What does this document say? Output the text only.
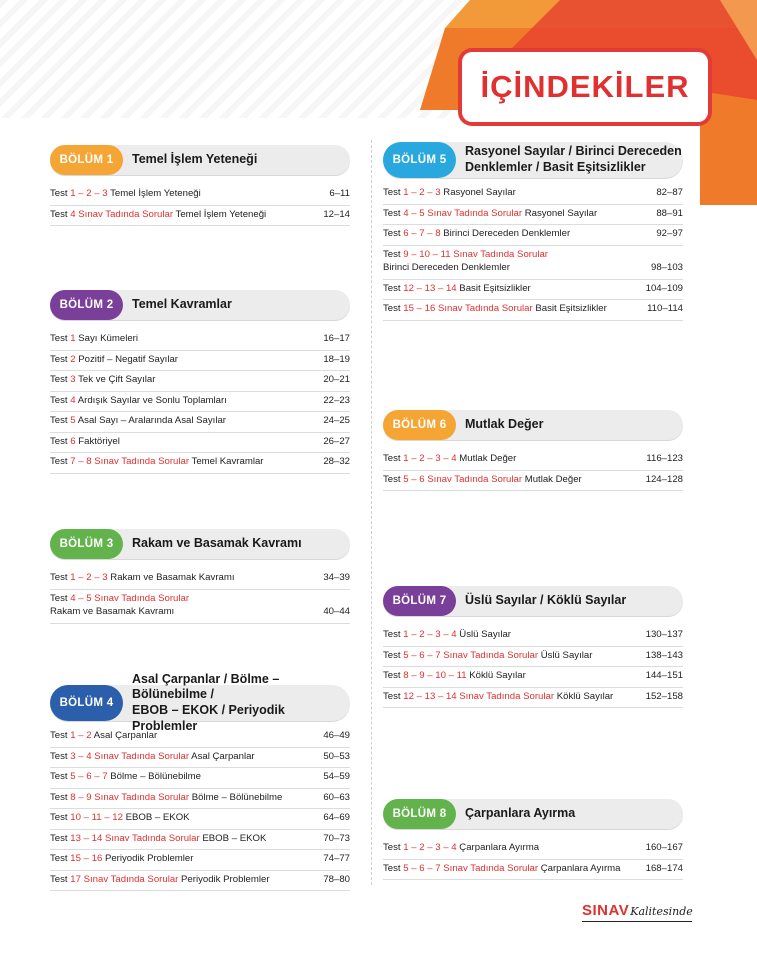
İÇİNDEKİLER
BÖLÜM 1	Temel İşlem Yeteneği
Test 1 – 2 – 3 Temel İşlem Yeteneği	6–11
Test 4 Sınav Tadında Sorular Temel İşlem Yeteneği	12–14
BÖLÜM 2	Temel Kavramlar
Test 1 Sayı Kümeleri	16–17
Test 2 Pozitif – Negatif Sayılar	18–19
Test 3 Tek ve Çift Sayılar	20–21
Test 4 Ardışık Sayılar ve Sonlu Toplamları	22–23
Test 5 Asal Sayı – Aralarında Asal Sayılar	24–25
Test 6 Faktöriyel	26–27
Test 7 – 8 Sınav Tadında Sorular Temel Kavramlar	28–32
BÖLÜM 3	Rakam ve Basamak Kavramı
Test 1 – 2 – 3 Rakam ve Basamak Kavramı	34–39
Test 4 – 5 Sınav Tadında Sorular
Rakam ve Basamak Kavramı	40–44
BÖLÜM 4
Asal Çarpanlar / Bölme – Bölünebilme /
EBOB – EKOK / Periyodik Problemler
Test 1 – 2 Asal Çarpanlar	46–49
Test 3 – 4 Sınav Tadında Sorular Asal Çarpanlar	50–53
Test 5 – 6 – 7 Bölme – Bölünebilme	54–59
Test 8 – 9 Sınav Tadında Sorular Bölme – Bölünebilme	60–63
Test 10 – 11 – 12 EBOB – EKOK	64–69
Test 13 – 14 Sınav Tadında Sorular EBOB – EKOK	70–73
Test 15 – 16 Periyodik Problemler	74–77
Test 17 Sınav Tadında Sorular Periyodik Problemler	78–80
BÖLÜM 5
Rasyonel Sayılar / Birinci Dereceden
Denklemler / Basit Eşitsizlikler
Test 1 – 2 – 3 Rasyonel Sayılar	82–87
Test 4 – 5 Sınav Tadında Sorular Rasyonel Sayılar	88–91
Test 6 – 7 – 8 Birinci Dereceden Denklemler	92–97
Test 9 – 10 – 11 Sınav Tadında Sorular
Birinci Dereceden Denklemler	98–103
Test 12 – 13 – 14 Basit Eşitsizlikler	104–109
Test 15 – 16 Sınav Tadında Sorular Basit Eşitsizlikler	110–114
BÖLÜM 6	Mutlak Değer
Test 1 – 2 – 3 – 4 Mutlak Değer	116–123
Test 5 – 6 Sınav Tadında Sorular Mutlak Değer	124–128
BÖLÜM 7	Üslü Sayılar / Köklü Sayılar
Test 1 – 2 – 3 – 4 Üslü Sayılar	130–137
Test 5 – 6 – 7 Sınav Tadında Sorular Üslü Sayılar	138–143
Test 8 – 9 – 10 – 11 Köklü Sayılar	144–151
Test 12 – 13 – 14 Sınav Tadında Sorular Köklü Sayılar	152–158
BÖLÜM 8	Çarpanlara Ayırma
Test 1 – 2 – 3 – 4 Çarpanlara Ayırma	160–167
Test 5 – 6 – 7 Sınav Tadında Sorular Çarpanlara Ayırma	168–174
SINAV Kalitesinde
